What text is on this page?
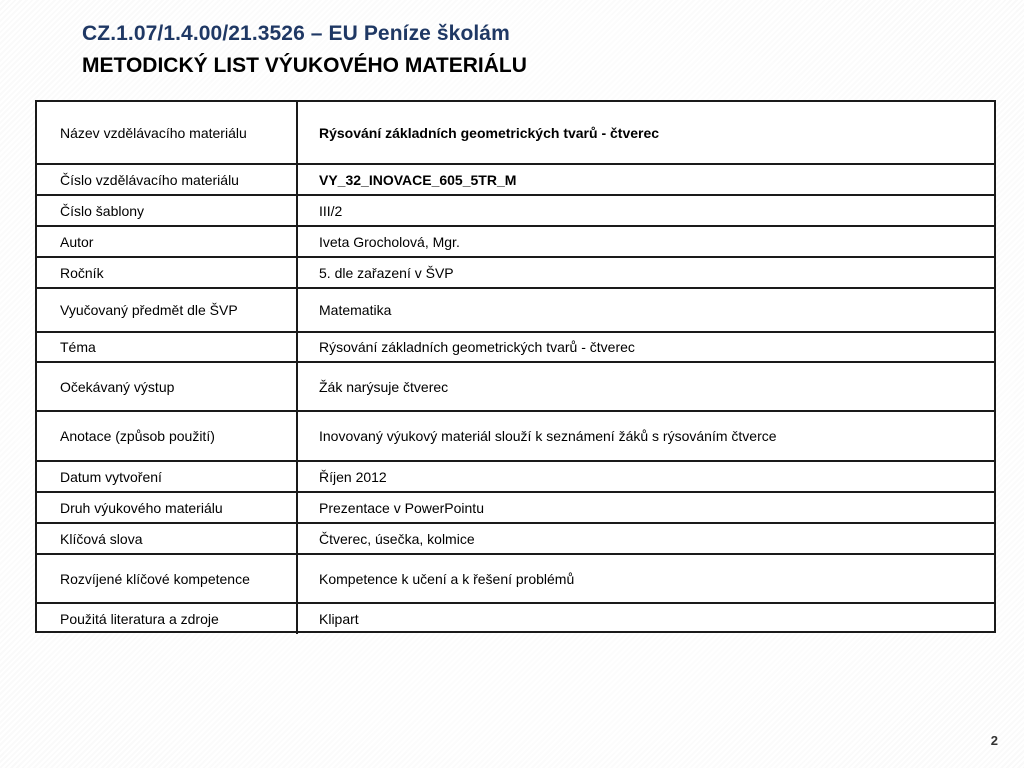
CZ.1.07/1.4.00/21.3526 – EU Peníze školám
METODICKÝ LIST VÝUKOVÉHO MATERIÁLU
Název vzdělávacího materiálu	Rýsování základních geometrických tvarů - čtverec
Číslo vzdělávacího materiálu	VY_32_INOVACE_605_5TR_M
Číslo šablony	III/2
Autor	Iveta Grocholová, Mgr.
Ročník	5. dle zařazení v ŠVP
Vyučovaný předmět dle ŠVP	Matematika
Téma	Rýsování základních geometrických tvarů - čtverec
Očekávaný výstup	Žák narýsuje čtverec
Anotace (způsob použití)	Inovovaný výukový materiál slouží k seznámení žáků s rýsováním čtverce
Datum vytvoření	Říjen 2012
Druh výukového materiálu	Prezentace v PowerPointu
Klíčová slova	Čtverec, úsečka, kolmice
Rozvíjené klíčové kompetence	Kompetence k učení a k řešení problémů
Použitá literatura a zdroje	Klipart
2
